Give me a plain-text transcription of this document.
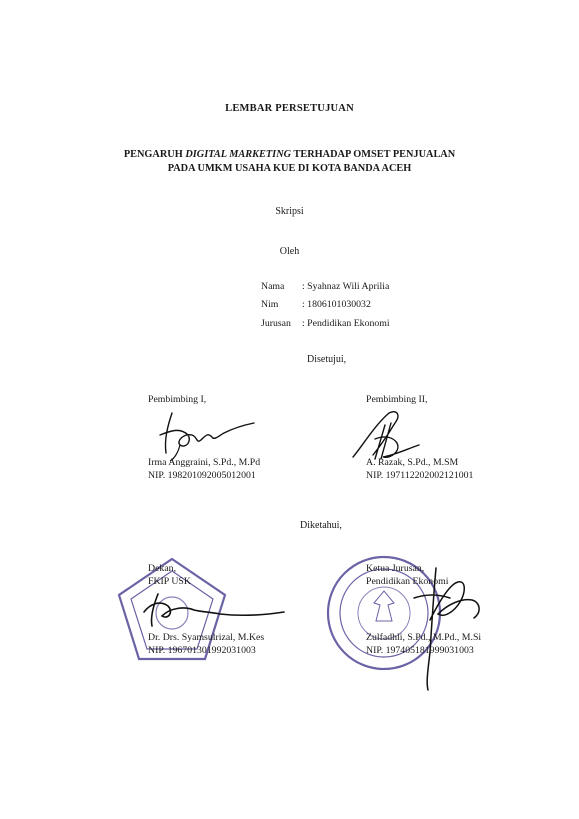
LEMBAR PERSETUJUAN
PENGARUH DIGITAL MARKETING TERHADAP OMSET PENJUALAN
PADA UMKM USAHA KUE DI KOTA BANDA ACEH
Skripsi
Oleh
Nama : Syahnaz Wili Aprilia
Nim : 1806101030032
Jurusan : Pendidikan Ekonomi
Disetujui,
Pembimbing I,
Irma Anggraini, S.Pd., M.Pd
NIP. 198201092005012001
Pembimbing II,
A. Razak, S.Pd., M.SM
NIP. 197112202002121001
Diketahui,
Dekan,
FKIP USK
Dr. Drs. Syamsulrizal, M.Kes
NIP. 196701301992031003
Ketua Jurusan,
Pendidikan Ekonomi
Zulfadhli, S.Pd., M.Pd., M.Si
NIP. 197405181999031003
